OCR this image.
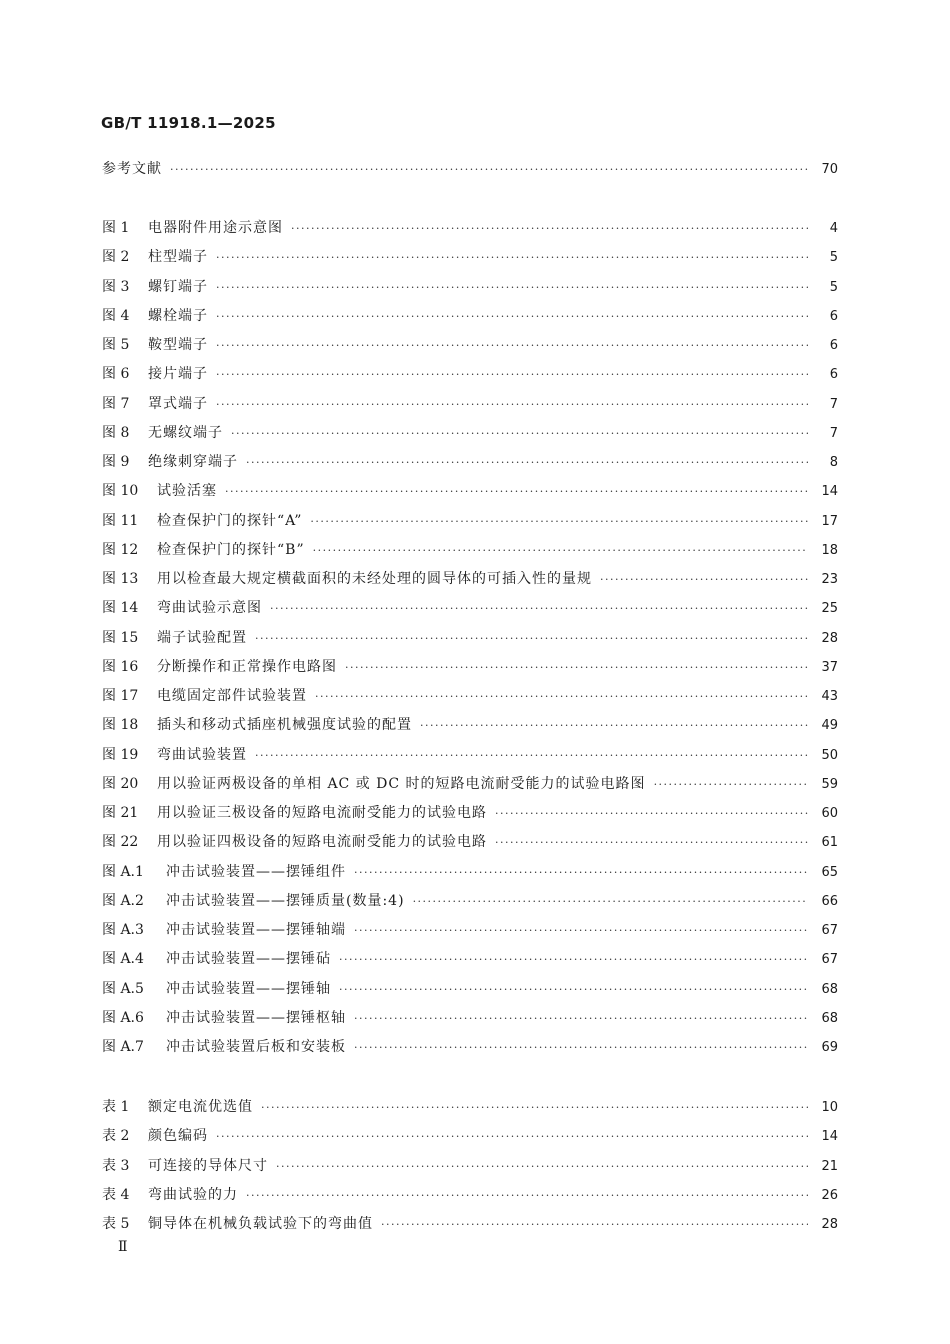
GB/T 11918.1—2025
参考文献 ·····	70
图 1	电器附件用途示意图 ·····	4
图 2	柱型端子 ·····	5
图 3	螺钉端子 ·····	5
图 4	螺栓端子 ·····	6
图 5	鞍型端子 ·····	6
图 6	接片端子 ·····	6
图 7	罩式端子 ·····	7
图 8	无螺纹端子 ·····	7
图 9	绝缘刺穿端子 ·····	8
图 10	试验活塞 ·····	14
图 11	检查保护门的探针“A” ·····	17
图 12	检查保护门的探针“B” ·····	18
图 13	用以检查最大规定横截面积的未经处理的圆导体的可插入性的量规 ·····	23
图 14	弯曲试验示意图 ·····	25
图 15	端子试验配置 ·····	28
图 16	分断操作和正常操作电路图 ·····	37
图 17	电缆固定部件试验装置 ·····	43
图 18	插头和移动式插座机械强度试验的配置 ·····	49
图 19	弯曲试验装置 ·····	50
图 20	用以验证两极设备的单相 AC 或 DC 时的短路电流耐受能力的试验电路图 ·····	59
图 21	用以验证三极设备的短路电流耐受能力的试验电路 ·····	60
图 22	用以验证四极设备的短路电流耐受能力的试验电路 ·····	61
图 A.1	冲击试验装置——摆锤组件 ·····	65
图 A.2	冲击试验装置——摆锤质量(数量:4) ·····	66
图 A.3	冲击试验装置——摆锤轴端 ·····	67
图 A.4	冲击试验装置——摆锤砧 ·····	67
图 A.5	冲击试验装置——摆锤轴 ·····	68
图 A.6	冲击试验装置——摆锤枢轴 ·····	68
图 A.7	冲击试验装置后板和安装板 ·····	69
表 1	额定电流优选值 ·····	10
表 2	颜色编码 ·····	14
表 3	可连接的导体尺寸 ·····	21
表 4	弯曲试验的力 ·····	26
表 5	铜导体在机械负载试验下的弯曲值 ·····	28
Ⅱ
